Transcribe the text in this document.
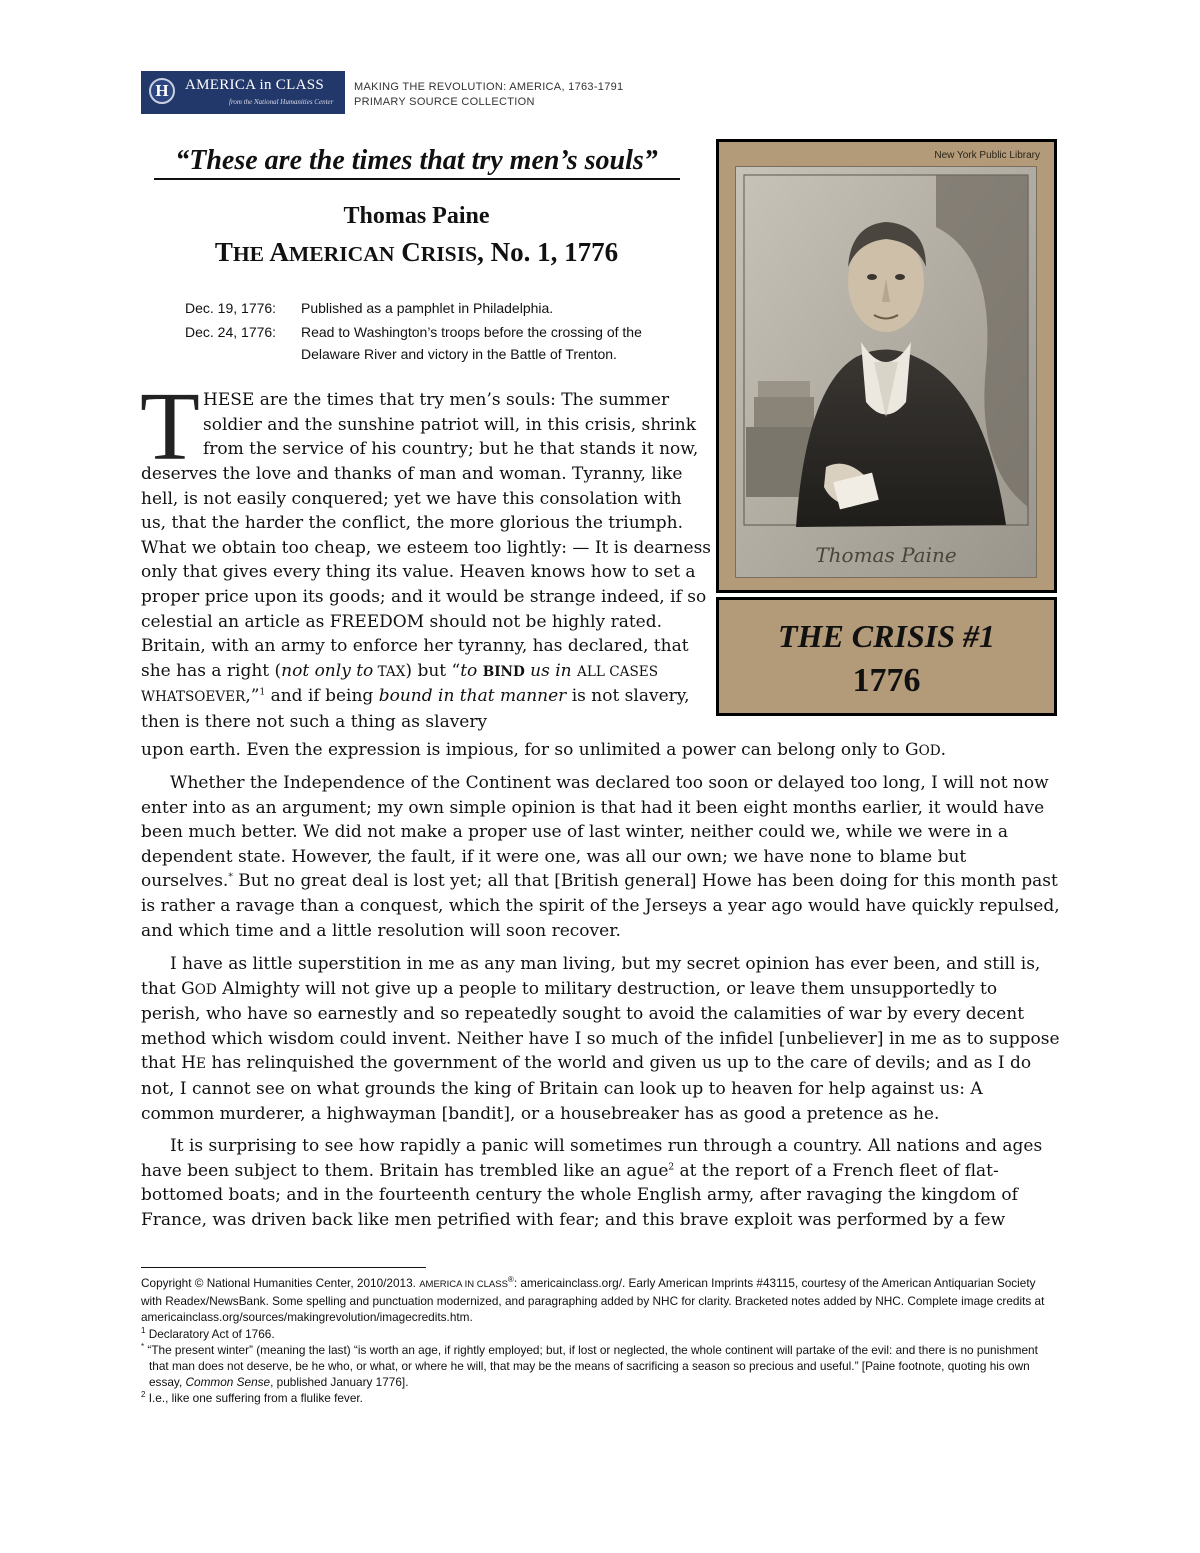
H	AMERICA in CLASS
from the National Humanities Center
MAKING THE REVOLUTION: AMERICA, 1763-1791
PRIMARY SOURCE COLLECTION
“These are the times that try men’s souls”
Thomas Paine
THE AMERICAN CRISIS, No. 1, 1776
Dec. 19, 1776: Published as a pamphlet in Philadelphia.
Dec. 24, 1776: Read to Washington’s troops before the crossing of the
Delaware River and victory in the Battle of Trenton.
New York Public Library
Thomas Paine
THE CRISIS #1
1776
T HESE are the times that try men’s souls: The summer
soldier and the sunshine patriot will, in this crisis, shrink
from the service of his country; but he that stands it now,
deserves the love and thanks of man and woman. Tyranny, like hell, is not easily conquered; yet we have this consolation with us, that the harder the conflict, the more glorious the triumph. What we obtain too cheap, we esteem too lightly: — It is dearness only that gives every thing its value. Heaven knows how to set a proper price upon its goods; and it would be strange indeed, if so celestial an article as FREEDOM should not be highly rated. Britain, with an army to enforce her tyranny, has declared, that she has a right (not only to TAX) but “to BIND us in ALL CASES WHATSOEVER,”$^1$ and if being bound in that manner is not slavery, then is there not such a thing as slavery
upon earth. Even the expression is impious, for so unlimited a power can belong only to GOD.
Whether the Independence of the Continent was declared too soon or delayed too long, I will not now enter into as an argument; my own simple opinion is that had it been eight months earlier, it would have been much better. We did not make a proper use of last winter, neither could we, while we were in a dependent state. However, the fault, if it were one, was all our own; we have none to blame but ourselves.* But no great deal is lost yet; all that [British general] Howe has been doing for this month past is rather a ravage than a conquest, which the spirit of the Jerseys a year ago would have quickly repulsed, and which time and a little resolution will soon recover.
I have as little superstition in me as any man living, but my secret opinion has ever been, and still is, that GOD Almighty will not give up a people to military destruction, or leave them unsupportedly to perish, who have so earnestly and so repeatedly sought to avoid the calamities of war by every decent method which wisdom could invent. Neither have I so much of the infidel [unbeliever] in me as to suppose that HE has relinquished the government of the world and given us up to the care of devils; and as I do not, I cannot see on what grounds the king of Britain can look up to heaven for help against us: A common murderer, a highwayman [bandit], or a housebreaker has as good a pretence as he.
It is surprising to see how rapidly a panic will sometimes run through a country. All nations and ages have been subject to them. Britain has trembled like an ague$^2$ at the report of a French fleet of flat-bottomed boats; and in the fourteenth century the whole English army, after ravaging the kingdom of France, was driven back like men petrified with fear; and this brave exploit was performed by a few

Copyright © National Humanities Center, 2010/2013. AMERICA IN CLASS®: americainclass.org/. Early American Imprints #43115, courtesy of the American Antiquarian Society with Readex/NewsBank. Some spelling and punctuation modernized, and paragraphing added by NHC for clarity. Bracketed notes added by NHC. Complete image credits at americainclass.org/sources/makingrevolution/imagecredits.htm.

$^1$ Declaratory Act of 1766.

* “The present winter” (meaning the last) “is worth an age, if rightly employed; but, if lost or neglected, the whole continent will partake of the evil: and there is no punishment that man does not deserve, be he who, or what, or where he will, that may be the means of sacrificing a season so precious and useful.” [Paine footnote, quoting his own essay, Common Sense, published January 1776].

$^2$ I.e., like one suffering from a flulike fever.
